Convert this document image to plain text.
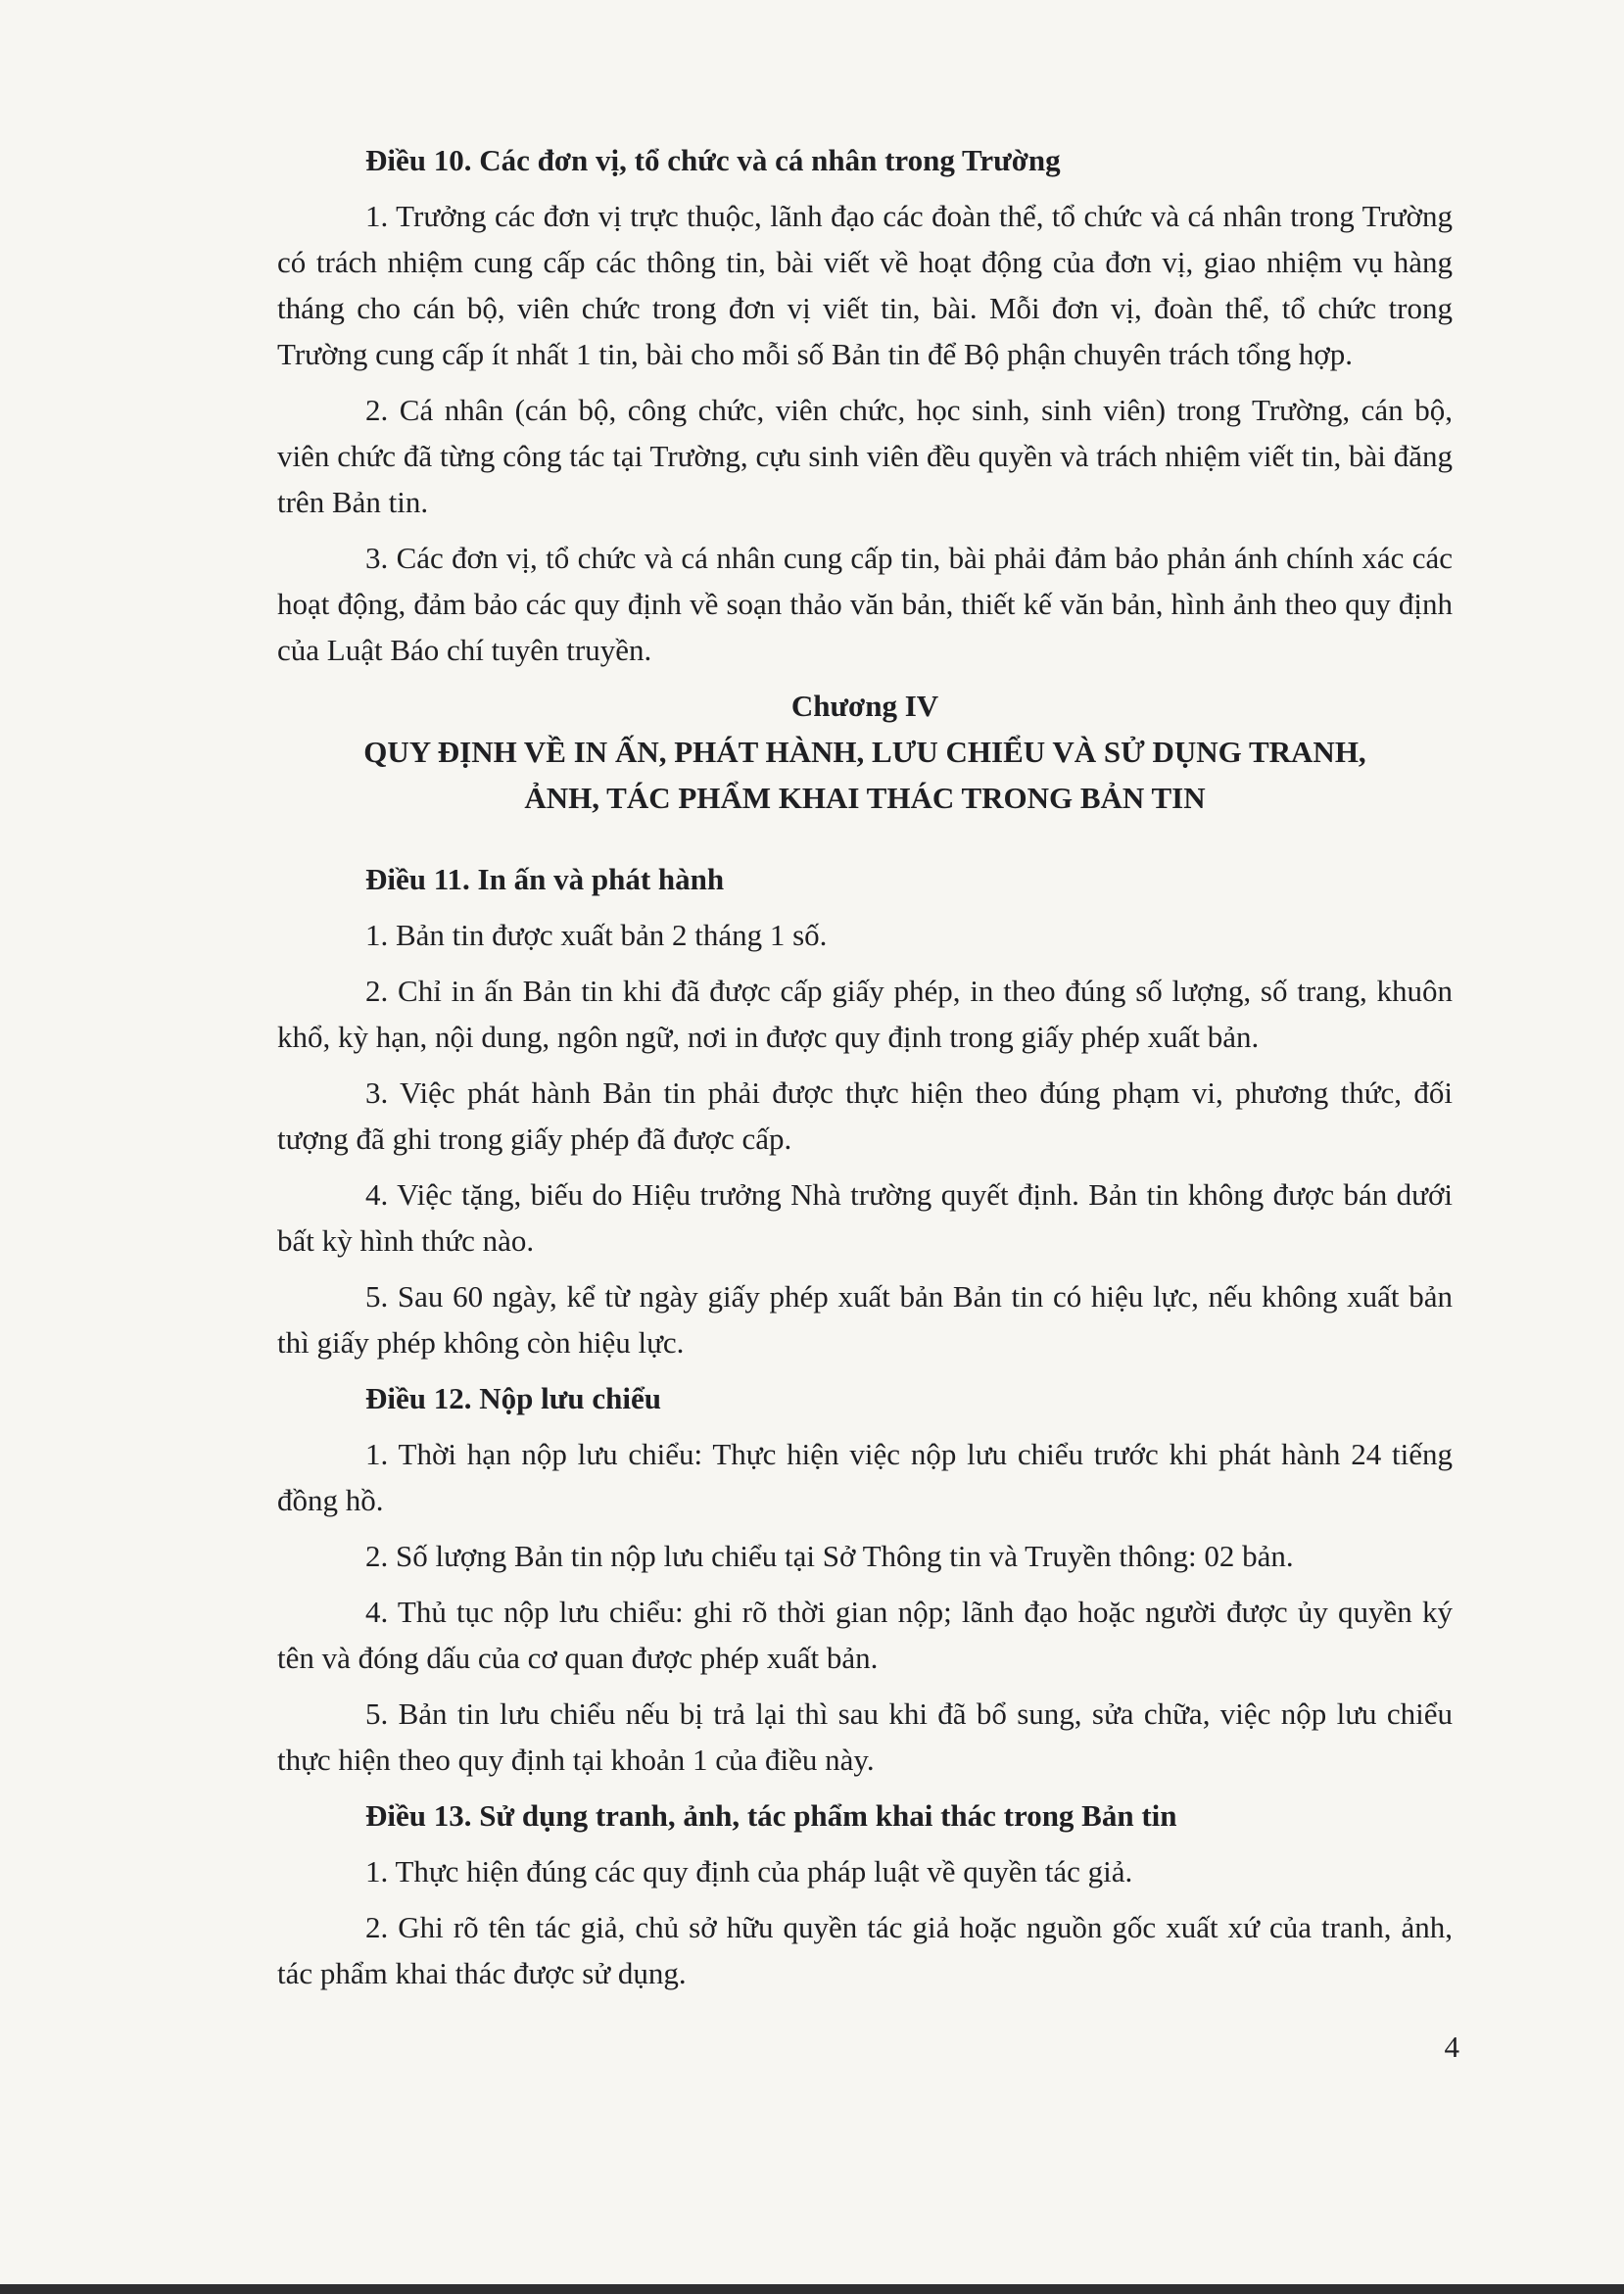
Điều 10. Các đơn vị, tổ chức và cá nhân trong Trường

1. Trưởng các đơn vị trực thuộc, lãnh đạo các đoàn thể, tổ chức và cá nhân trong Trường có trách nhiệm cung cấp các thông tin, bài viết về hoạt động của đơn vị, giao nhiệm vụ hàng tháng cho cán bộ, viên chức trong đơn vị viết tin, bài. Mỗi đơn vị, đoàn thể, tổ chức trong Trường cung cấp ít nhất 1 tin, bài cho mỗi số Bản tin để Bộ phận chuyên trách tổng hợp.

2. Cá nhân (cán bộ, công chức, viên chức, học sinh, sinh viên) trong Trường, cán bộ, viên chức đã từng công tác tại Trường, cựu sinh viên đều quyền và trách nhiệm viết tin, bài đăng trên Bản tin.

3. Các đơn vị, tổ chức và cá nhân cung cấp tin, bài phải đảm bảo phản ánh chính xác các hoạt động, đảm bảo các quy định về soạn thảo văn bản, thiết kế văn bản, hình ảnh theo quy định của Luật Báo chí tuyên truyền.

Chương IV

QUY ĐỊNH VỀ IN ẤN, PHÁT HÀNH, LƯU CHIỂU VÀ SỬ DỤNG TRANH,

ẢNH, TÁC PHẨM KHAI THÁC TRONG BẢN TIN

Điều 11. In ấn và phát hành

1. Bản tin được xuất bản 2 tháng 1 số.

2. Chỉ in ấn Bản tin khi đã được cấp giấy phép, in theo đúng số lượng, số trang, khuôn khổ, kỳ hạn, nội dung, ngôn ngữ, nơi in được quy định trong giấy phép xuất bản.

3. Việc phát hành Bản tin phải được thực hiện theo đúng phạm vi, phương thức, đối tượng đã ghi trong giấy phép đã được cấp.

4. Việc tặng, biếu do Hiệu trưởng Nhà trường quyết định. Bản tin không được bán dưới bất kỳ hình thức nào.

5. Sau 60 ngày, kể từ ngày giấy phép xuất bản Bản tin có hiệu lực, nếu không xuất bản thì giấy phép không còn hiệu lực.

Điều 12. Nộp lưu chiểu

1. Thời hạn nộp lưu chiểu: Thực hiện việc nộp lưu chiểu trước khi phát hành 24 tiếng đồng hồ.

2. Số lượng Bản tin nộp lưu chiểu tại Sở Thông tin và Truyền thông: 02 bản.

4. Thủ tục nộp lưu chiểu: ghi rõ thời gian nộp; lãnh đạo hoặc người được ủy quyền ký tên và đóng dấu của cơ quan được phép xuất bản.

5. Bản tin lưu chiểu nếu bị trả lại thì sau khi đã bổ sung, sửa chữa, việc nộp lưu chiểu thực hiện theo quy định tại khoản 1 của điều này.

Điều 13. Sử dụng tranh, ảnh, tác phẩm khai thác trong Bản tin

1. Thực hiện đúng các quy định của pháp luật về quyền tác giả.

2. Ghi rõ tên tác giả, chủ sở hữu quyền tác giả hoặc nguồn gốc xuất xứ của tranh, ảnh, tác phẩm khai thác được sử dụng.

4
